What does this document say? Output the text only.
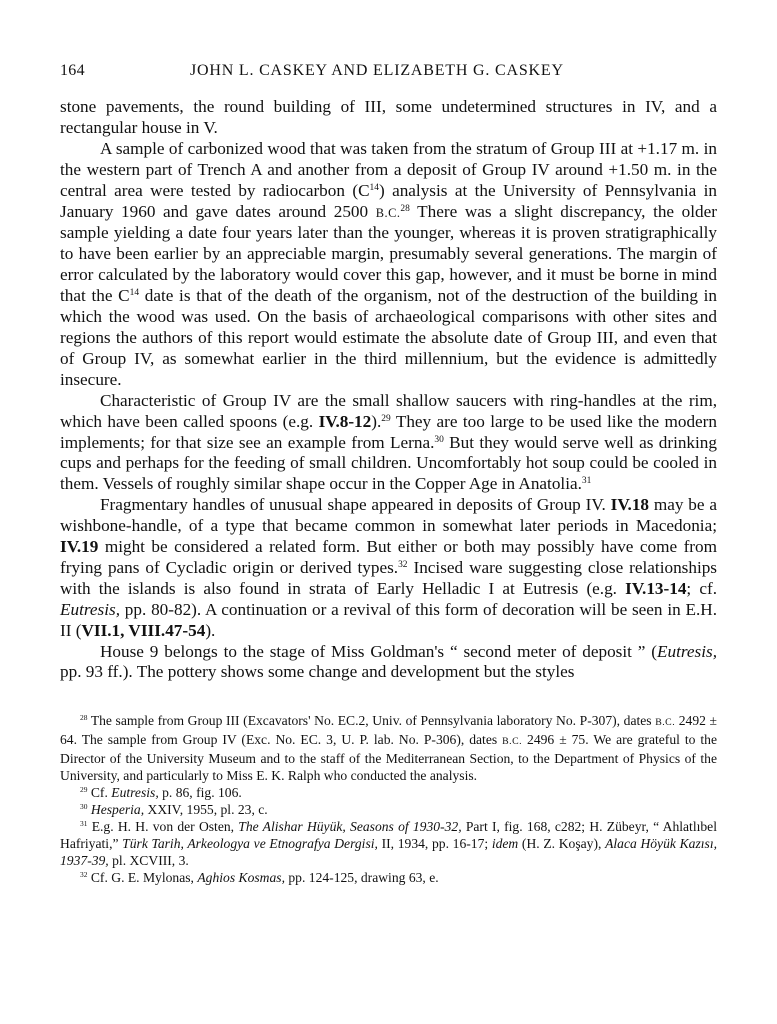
164	JOHN L. CASKEY AND ELIZABETH G. CASKEY

stone pavements, the round building of III, some undetermined structures in IV, and a rectangular house in V.

A sample of carbonized wood that was taken from the stratum of Group III at +1.17 m. in the western part of Trench A and another from a deposit of Group IV around +1.50 m. in the central area were tested by radiocarbon $(C^{14})$ analysis at the University of Pennsylvania in January 1960 and gave dates around 2500 B.C.$^{28}$ There was a slight discrepancy, the older sample yielding a date four years later than the younger, whereas it is proven stratigraphically to have been earlier by an appreciable margin, presumably several generations. The margin of error calculated by the laboratory would cover this gap, however, and it must be borne in mind that the $C^{14}$ date is that of the death of the organism, not of the destruction of the building in which the wood was used. On the basis of archaeological comparisons with other sites and regions the authors of this report would estimate the absolute date of Group III, and even that of Group IV, as somewhat earlier in the third millennium, but the evidence is admittedly insecure.

Characteristic of Group IV are the small shallow saucers with ring-handles at the rim, which have been called spoons (e.g. IV.8-12).$^{29}$ They are too large to be used like the modern implements; for that size see an example from Lerna.$^{30}$ But they would serve well as drinking cups and perhaps for the feeding of small children. Uncomfortably hot soup could be cooled in them. Vessels of roughly similar shape occur in the Copper Age in Anatolia.$^{31}$

Fragmentary handles of unusual shape appeared in deposits of Group IV. IV.18 may be a wishbone-handle, of a type that became common in somewhat later periods in Macedonia; IV.19 might be considered a related form. But either or both may possibly have come from frying pans of Cycladic origin or derived types.$^{32}$ Incised ware suggesting close relationships with the islands is also found in strata of Early Helladic I at Eutresis (e.g. IV.13-14; cf. Eutresis, pp. 80-82). A continuation or a revival of this form of decoration will be seen in E.H. II (VII.1, VIII.47-54).

House 9 belongs to the stage of Miss Goldman's “ second meter of deposit ” (Eutresis, pp. 93 ff.). The pottery shows some change and development but the styles

$^{28}$ The sample from Group III (Excavators' No. EC.2, Univ. of Pennsylvania laboratory No. P-307), dates B.C. 2492 ± 64. The sample from Group IV (Exc. No. EC. 3, U. P. lab. No. P-306), dates B.C. 2496 ± 75. We are grateful to the Director of the University Museum and to the staff of the Mediterranean Section, to the Department of Physics of the University, and particularly to Miss E. K. Ralph who conducted the analysis.

$^{29}$ Cf. Eutresis, p. 86, fig. 106.

$^{30}$ Hesperia, XXIV, 1955, pl. 23, c.

$^{31}$ E.g. H. H. von der Osten, The Alishar Hüyük, Seasons of 1930-32, Part I, fig. 168, c282; H. Zübeyr, “ Ahlatlıbel Hafriyati,” Türk Tarih, Arkeologya ve Etnografya Dergisi, II, 1934, pp. 16-17; idem (H. Z. Koşay), Alaca Höyük Kazısı, 1937-39, pl. XCVIII, 3.

$^{32}$ Cf. G. E. Mylonas, Aghios Kosmas, pp. 124-125, drawing 63, e.
